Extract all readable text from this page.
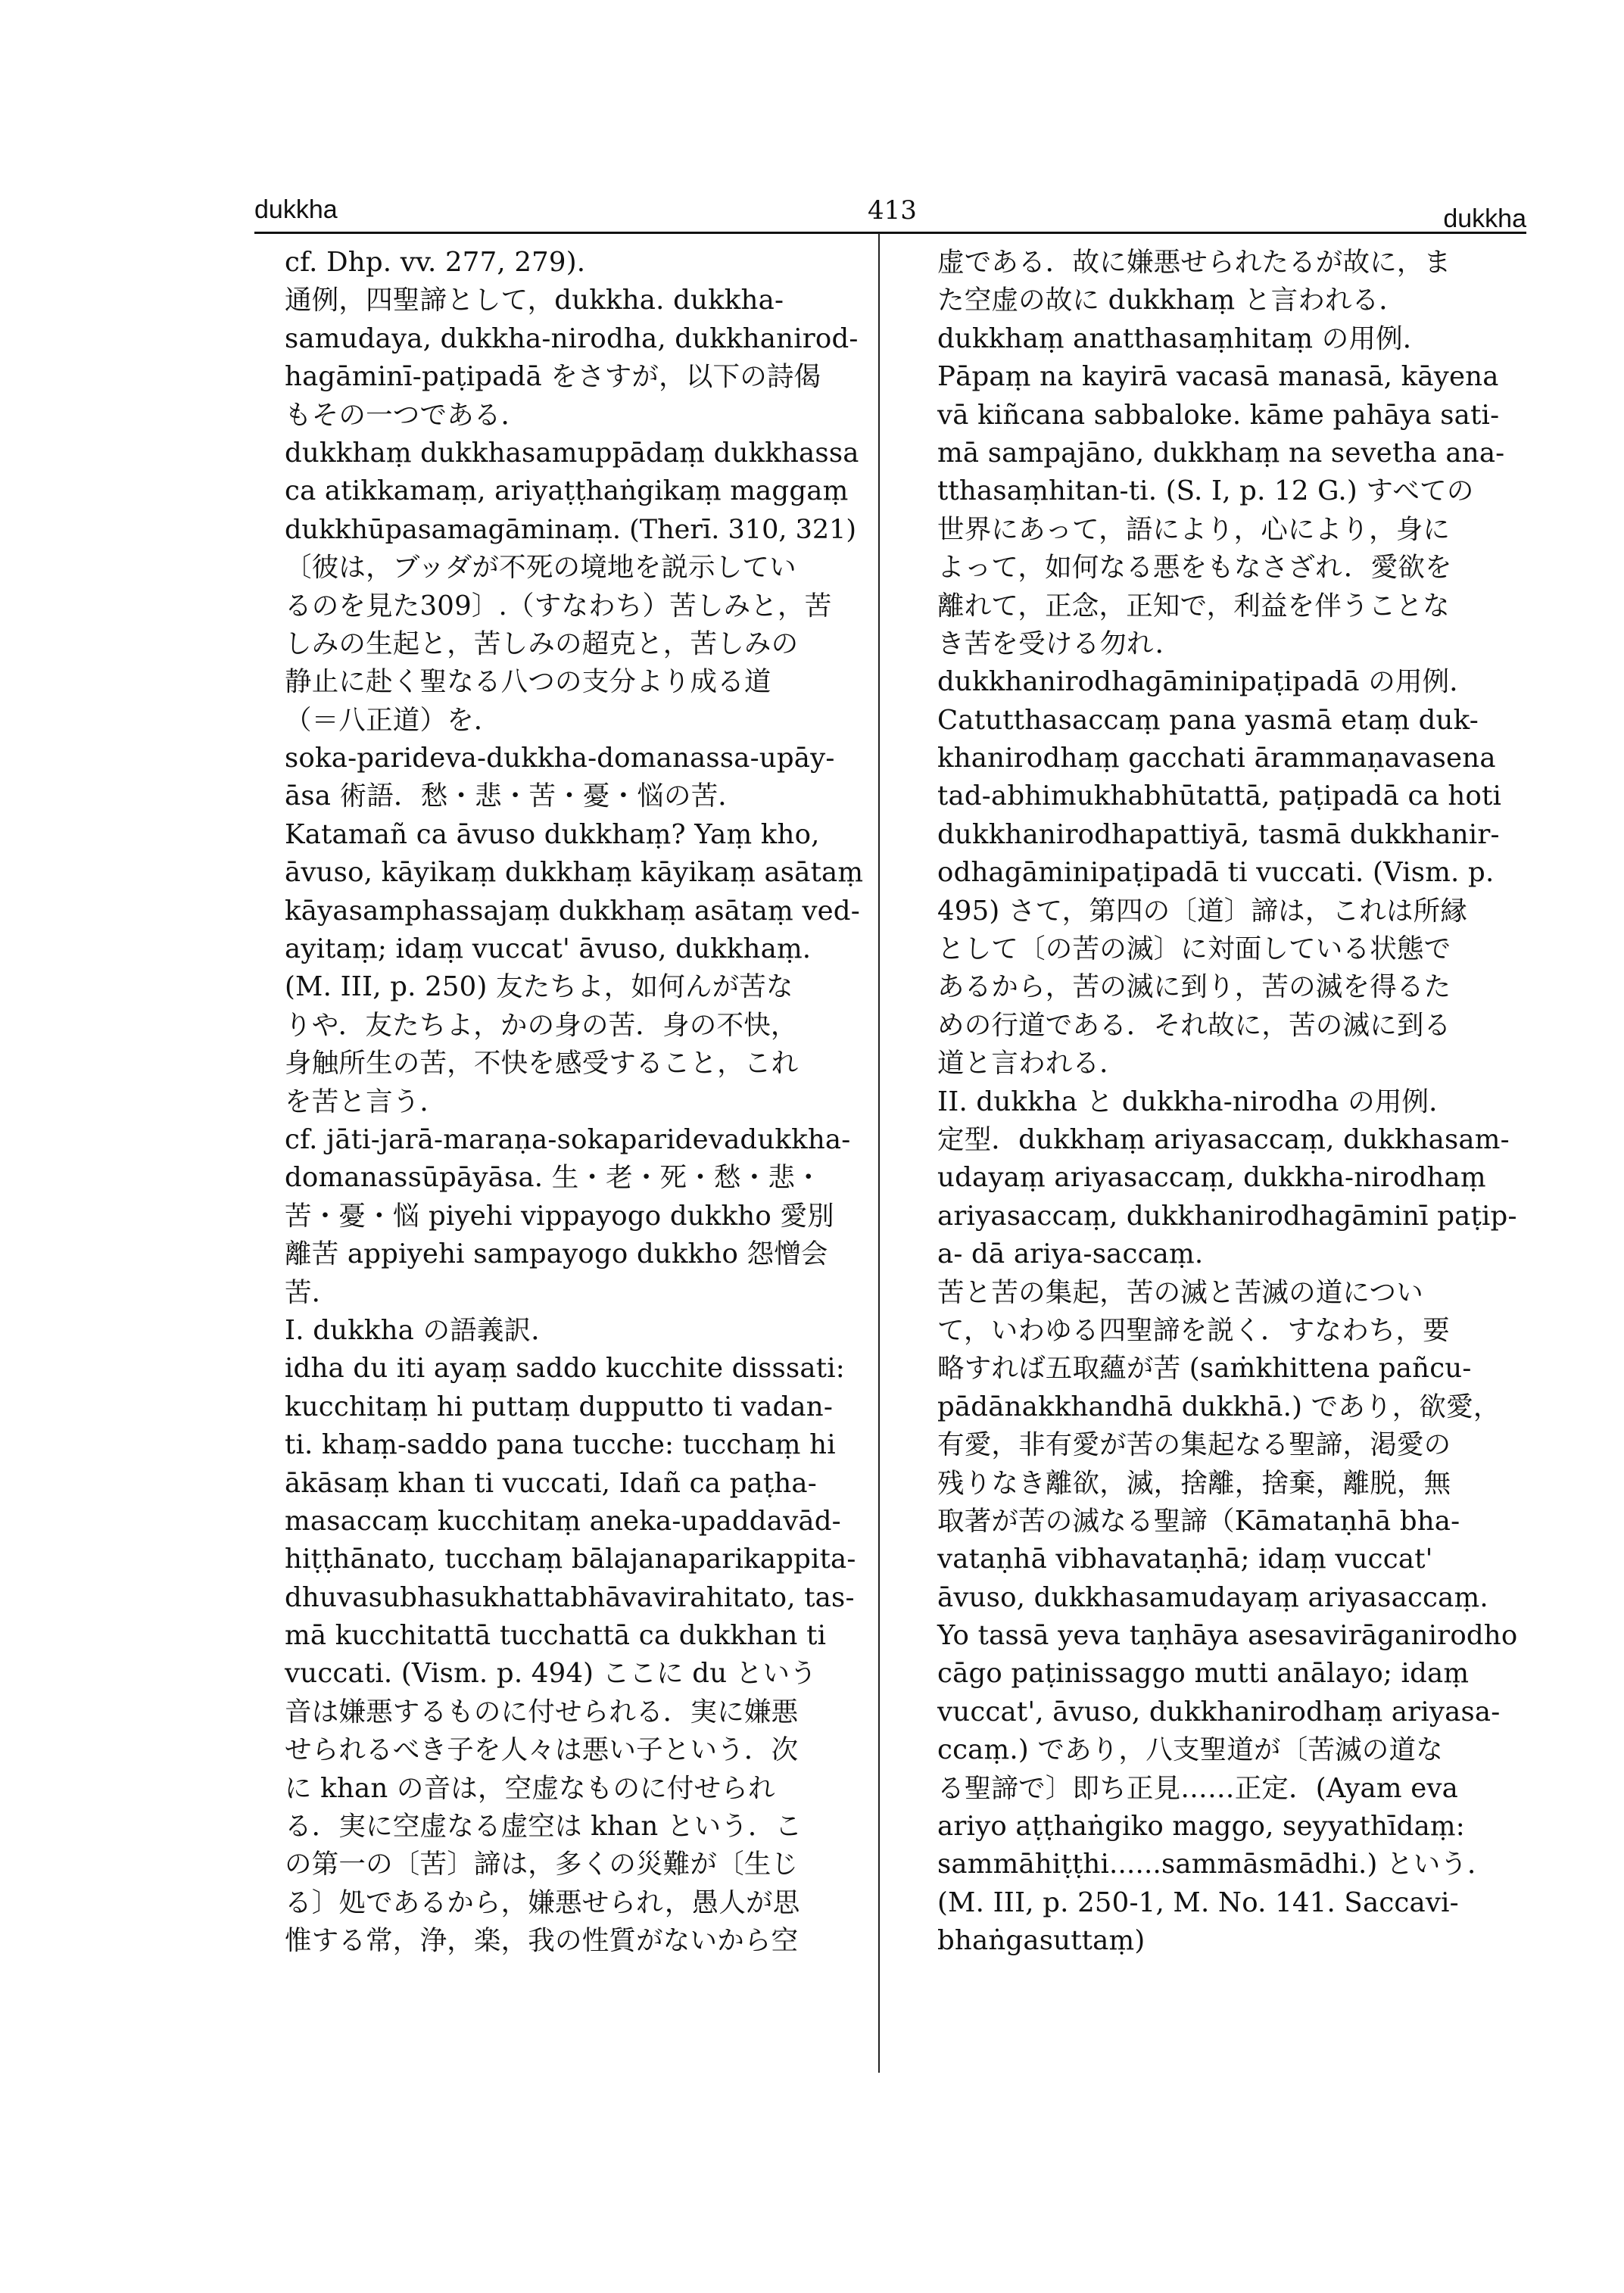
dukkha	413	dukkha
cf. Dhp. vv. 277, 279).
通例，四聖諦として，dukkha. dukkha-
samudaya, dukkha-nirodha, dukkhanirod-
hagāminī-paṭipadā をさすが，以下の詩偈
もその一つである．
dukkhaṃ dukkhasamuppādaṃ dukkhassa
ca atikkamaṃ, ariyaṭṭhaṅgikaṃ maggaṃ
dukkhūpasamagāminaṃ. (Therī. 310, 321)
〔彼は，ブッダが不死の境地を説示してい
るのを見た309〕.（すなわち）苦しみと，苦
しみの生起と，苦しみの超克と，苦しみの
静止に赴く聖なる八つの支分より成る道
（＝八正道）を．
soka-parideva-dukkha-domanassa-upāy-
āsa 術語．愁・悲・苦・憂・悩の苦．
Katamañ ca āvuso dukkhaṃ? Yaṃ kho,
āvuso, kāyikaṃ dukkhaṃ kāyikaṃ asātaṃ
kāyasamphassajaṃ dukkhaṃ asātaṃ ved-
ayitaṃ; idaṃ vuccat' āvuso, dukkhaṃ.
(M. III, p. 250) 友たちよ，如何んが苦な
りや．友たちよ，かの身の苦．身の不快，
身触所生の苦，不快を感受すること，これ
を苦と言う．
cf. jāti-jarā-maraṇa-sokaparidevadukkha-
domanassūpāyāsa. 生・老・死・愁・悲・
苦・憂・悩 piyehi vippayogo dukkho 愛別
離苦 appiyehi sampayogo dukkho 怨憎会
苦．
I. dukkha の語義訳．
idha du iti ayaṃ saddo kucchite disssati:
kucchitaṃ hi puttaṃ dupputto ti vadan-
ti. khaṃ-saddo pana tucche: tucchaṃ hi
ākāsaṃ khan ti vuccati, Idañ ca paṭha-
masaccaṃ kucchitaṃ aneka-upaddavād-
hiṭṭhānato, tucchaṃ bālajanaparikappita-
dhuvasubhasukhattabhāvavirahitato, tas-
mā kucchitattā tucchattā ca dukkhan ti
vuccati. (Vism. p. 494) ここに du という
音は嫌悪するものに付せられる．実に嫌悪
せられるべき子を人々は悪い子という．次
に khan の音は，空虚なものに付せられ
る．実に空虚なる虚空は khan という．こ
の第一の〔苦〕諦は，多くの災難が〔生じ
る〕処であるから，嫌悪せられ，愚人が思
惟する常，浄，楽，我の性質がないから空
虚である．故に嫌悪せられたるが故に，ま
た空虚の故に dukkhaṃ と言われる．
dukkhaṃ anatthasaṃhitaṃ の用例．
Pāpaṃ na kayirā vacasā manasā, kāyena
vā kiñcana sabbaloke. kāme pahāya sati-
mā sampajāno, dukkhaṃ na sevetha ana-
tthasaṃhitan-ti. (S. I, p. 12 G.) すべての
世界にあって，語により，心により，身に
よって，如何なる悪をもなさざれ．愛欲を
離れて，正念，正知で，利益を伴うことな
き苦を受ける勿れ．
dukkhanirodhagāminipaṭipadā の用例．
Catutthasaccaṃ pana yasmā etaṃ duk-
khanirodhaṃ gacchati ārammaṇavasena
tad-abhimukhabhūtattā, paṭipadā ca hoti
dukkhanirodhapattiyā, tasmā dukkhanir-
odhagāminipaṭipadā ti vuccati. (Vism. p.
495) さて，第四の〔道〕諦は，これは所縁
として〔の苦の滅〕に対面している状態で
あるから，苦の滅に到り，苦の滅を得るた
めの行道である．それ故に，苦の滅に到る
道と言われる．
II. dukkha と dukkha-nirodha の用例．
定型．dukkhaṃ ariyasaccaṃ, dukkhasam-
udayaṃ ariyasaccaṃ, dukkha-nirodhaṃ
ariyasaccaṃ, dukkhanirodhagāminī paṭip-
a- dā ariya-saccaṃ.
苦と苦の集起，苦の滅と苦滅の道につい
て，いわゆる四聖諦を説く．すなわち，要
略すれば五取蘊が苦 (saṁkhittena pañcu-
pādānakkhandhā dukkhā.) であり，欲愛，
有愛，非有愛が苦の集起なる聖諦，渇愛の
残りなき離欲，滅，捨離，捨棄，離脱，無
取著が苦の滅なる聖諦（Kāmataṇhā bha-
vataṇhā vibhavataṇhā; idaṃ vuccat'
āvuso, dukkhasamudayaṃ ariyasaccaṃ.
Yo tassā yeva taṇhāya asesavirāganirodho
cāgo paṭinissaggo mutti anālayo; idaṃ
vuccat', āvuso, dukkhanirodhaṃ ariyasa-
ccaṃ.) であり，八支聖道が〔苦滅の道な
る聖諦で〕即ち正見……正定．(Ayam eva
ariyo aṭṭhaṅgiko maggo, seyyathīdaṃ:
sammāhiṭṭhi......sammāsmādhi.) という．
(M. III, p. 250-1, M. No. 141. Saccavi-
bhaṅgasuttaṃ)
